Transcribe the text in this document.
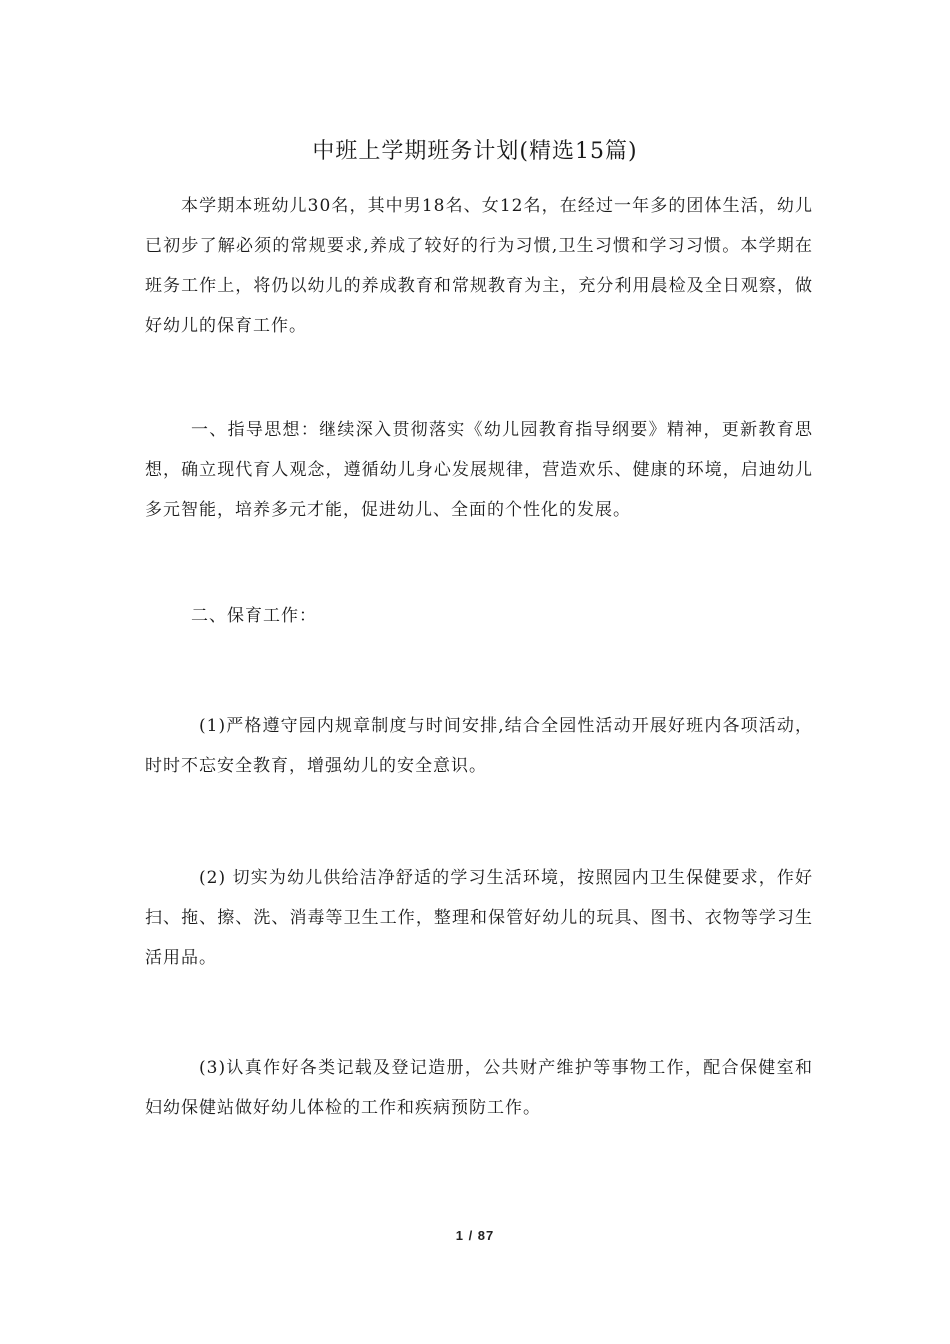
中班上学期班务计划(精选15篇)

本学期本班幼儿30名，其中男18名、女12名，在经过一年多的团体生活，幼儿已初步了解必须的常规要求,养成了较好的行为习惯,卫生习惯和学习习惯。本学期在班务工作上，将仍以幼儿的养成教育和常规教育为主，充分利用晨检及全日观察，做好幼儿的保育工作。

一、指导思想：继续深入贯彻落实《幼儿园教育指导纲要》精神，更新教育思想，确立现代育人观念，遵循幼儿身心发展规律，营造欢乐、健康的环境，启迪幼儿多元智能，培养多元才能，促进幼儿、全面的个性化的发展。

二、保育工作：

(1)严格遵守园内规章制度与时间安排,结合全园性活动开展好班内各项活动，时时不忘安全教育，增强幼儿的安全意识。

(2) 切实为幼儿供给洁净舒适的学习生活环境，按照园内卫生保健要求，作好扫、拖、擦、洗、消毒等卫生工作，整理和保管好幼儿的玩具、图书、衣物等学习生活用品。

(3)认真作好各类记载及登记造册，公共财产维护等事物工作，配合保健室和妇幼保健站做好幼儿体检的工作和疾病预防工作。

1 / 87
